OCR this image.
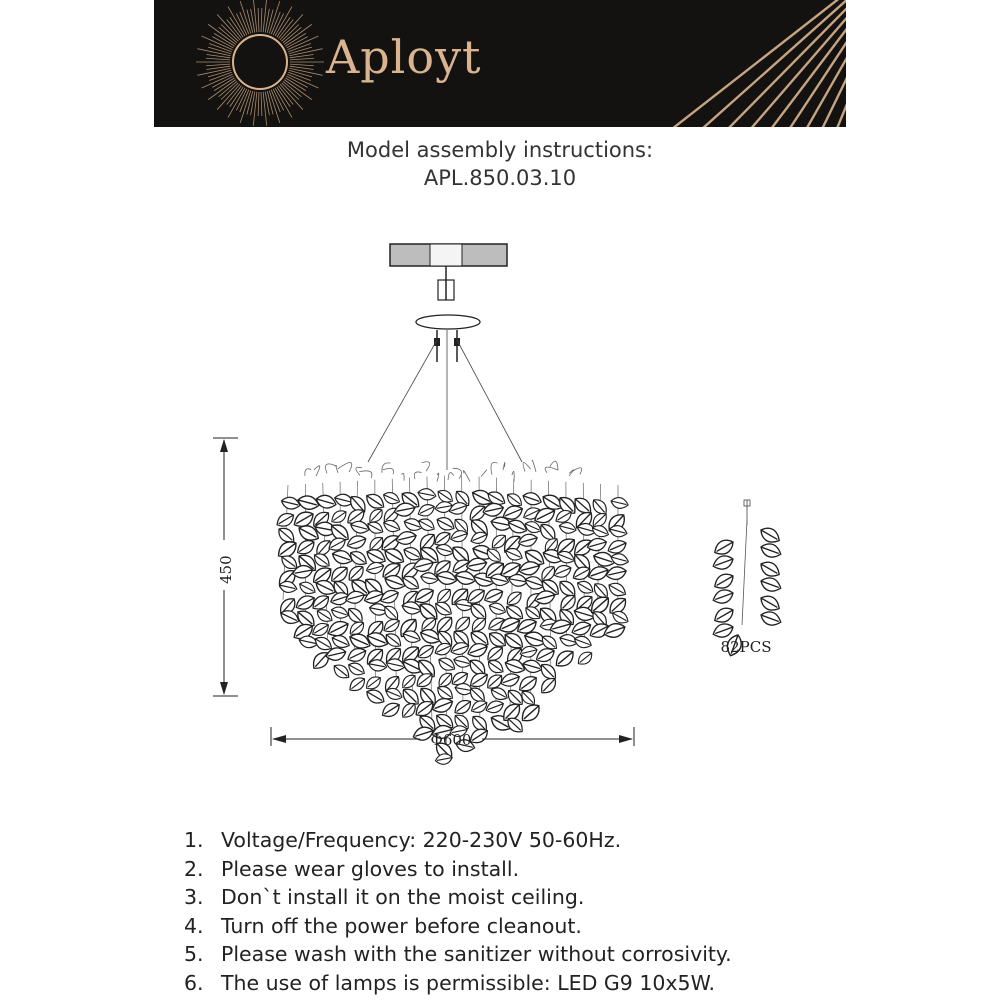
Aployt
Model assembly instructions:
APL.850.03.10
450
Φ600
82PCS
1. Voltage/Frequency: 220-230V 50-60Hz.
2. Please wear gloves to install.
3. Don`t install it on the moist ceiling.
4. Turn off the power before cleanout.
5. Please wash with the sanitizer without corrosivity.
6. The use of lamps is permissible: LED G9 10x5W.
